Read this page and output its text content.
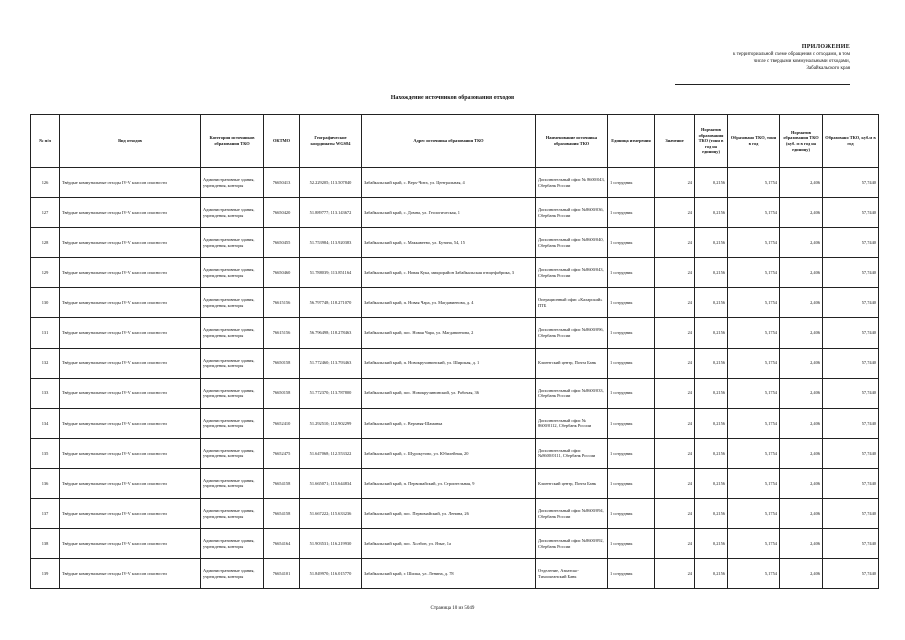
ПРИЛОЖЕНИЕ
к территориальной схеме обращения с отходами, в том
числе с твердыми коммунальными отходами,
Забайкальского края
Нахождение источников образования отходов
№ п/п	Вид отходов	Категория источников образования ТКО	ОКТМО	Географические координаты WGS84	Адрес источника образования ТКО	Наименование источника образования ТКО	Единица измерения	Значение	Норматив образования ТКО (тонн в год на единицу)	Образовано ТКО, тонн в год	Норматив образования ТКО (куб. м в год на единицу)	Образовано ТКО, куб.м в год
126	Твёрдые коммунальные отходы IV-V классов опасности	Административные здания, учреждения, конторы	76650413	52.229205; 113.507840	Забайкальский край, с. Верх-Чита, ул. Центральная, 4	Дополнительный офис № 8600/043, Сбербанк России	1 сотрудник	24	0,2156	5,1754	2,406	57,7440
127	Твёрдые коммунальные отходы IV-V классов опасности	Административные здания, учреждения, конторы	76650420	51.889777; 113.143672	Забайкальский край, с. Домна, ул. Геологическая, 1	Дополнительный офис №8600/036, Сбербанк России	1 сотрудник	24	0,2156	5,1754	2,406	57,7440
128	Твёрдые коммунальные отходы IV-V классов опасности	Административные здания, учреждения, конторы	76650455	51.753984; 113.920383	Забайкальский край, с. Маккавеево, ул. Бутина, 54, 15	Дополнительный офис №8600/040, Сбербанк России	1 сотрудник	24	0,2156	5,1754	2,406	57,7440
129	Твёрдые коммунальные отходы IV-V классов опасности	Административные здания, учреждения, конторы	76650460	51.788039; 113.851164	Забайкальский край, с. Новая Кука, микрорайон Забайкальская птицефабрика, 3	Дополнительный офис №8600/043, Сбербанк России	1 сотрудник	24	0,2156	5,1754	2,406	57,7440
130	Твёрдые коммунальные отходы IV-V классов опасности	Административные здания, учреждения, конторы	76615156	56.797748; 118.271070	Забайкальский край, п. Новая Чара, ул. Магдавиенова, д. 4	Операционный офис «Каларский» ПТБ	1 сотрудник	24	0,2156	5,1754	2,406	57,7440
131	Твёрдые коммунальные отходы IV-V классов опасности	Административные здания, учреждения, конторы	76615156	56.796498; 118.278463	Забайкальский край, пос. Новая Чара, ул. Магдавиенова, 2	Дополнительный офис №8600/096, Сбербанк России	1 сотрудник	24	0,2156	5,1754	2,406	57,7440
132	Твёрдые коммунальные отходы IV-V классов опасности	Административные здания, учреждения, конторы	76650158	51.772460; 113.793463	Забайкальский край, п. Новокручининский, ул. Широкая, д. 1	Клиентский центр, Почта Банк	1 сотрудник	24	0,2156	5,1754	2,406	57,7440
133	Твёрдые коммунальные отходы IV-V классов опасности	Административные здания, учреждения, конторы	76650158	51.772370; 113.787800	Забайкальский край, пос. Новокручининский, ул. Рабочая, 36	Дополнительный офис №8600/033, Сбербанк России	1 сотрудник	24	0,2156	5,1754	2,406	57,7440
134	Твёрдые коммунальные отходы IV-V классов опасности	Административные здания, учреждения, конторы	76652410	51.292510; 112.902299	Забайкальский край, с. Верхняя-Шаманка	Дополнительный офис № 8600/0112, Сбербанк России	1 сотрудник	24	0,2156	5,1754	2,406	57,7440
135	Твёрдые коммунальные отходы IV-V классов опасности	Административные здания, учреждения, конторы	76652475	51.647068; 112.553322	Забайкальский край, с. Шурокутово, ул. Юбилейная, 20	Дополнительный офис №8600/0111, Сбербанк России	1 сотрудник	24	0,2156	5,1754	2,406	57,7440
136	Твёрдые коммунальные отходы IV-V классов опасности	Административные здания, учреждения, конторы	76654158	51.665071; 115.644834	Забайкальский край, п. Первомайский, ул. Строительная, 9	Клиентский центр, Почта Банк	1 сотрудник	24	0,2156	5,1754	2,406	57,7440
137	Твёрдые коммунальные отходы IV-V классов опасности	Административные здания, учреждения, конторы	76654158	51.667222; 115.633236	Забайкальский край, пос. Первомайский, ул. Ленина, 26	Дополнительный офис №8600/094, Сбербанк России	1 сотрудник	24	0,2156	5,1754	2,406	57,7440
138	Твёрдые коммунальные отходы IV-V классов опасности	Административные здания, учреждения, конторы	76654164	51.903531; 116.219930	Забайкальский край, пос. Холбон, ул. Язые, 1а	Дополнительный офис №8600/092, Сбербанк России	1 сотрудник	24	0,2156	5,1754	2,406	57,7440
139	Твёрдые коммунальные отходы IV-V классов опасности	Административные здания, учреждения, конторы	76654101	51.849970; 116.015770	Забайкальский край, г. Шилка, ул. Ленина, д. 78	Отделение, Азиатско-Тихоокеанский Банк	1 сотрудник	24	0,2156	5,1754	2,406	57,7440
Страница 10 из 5049
